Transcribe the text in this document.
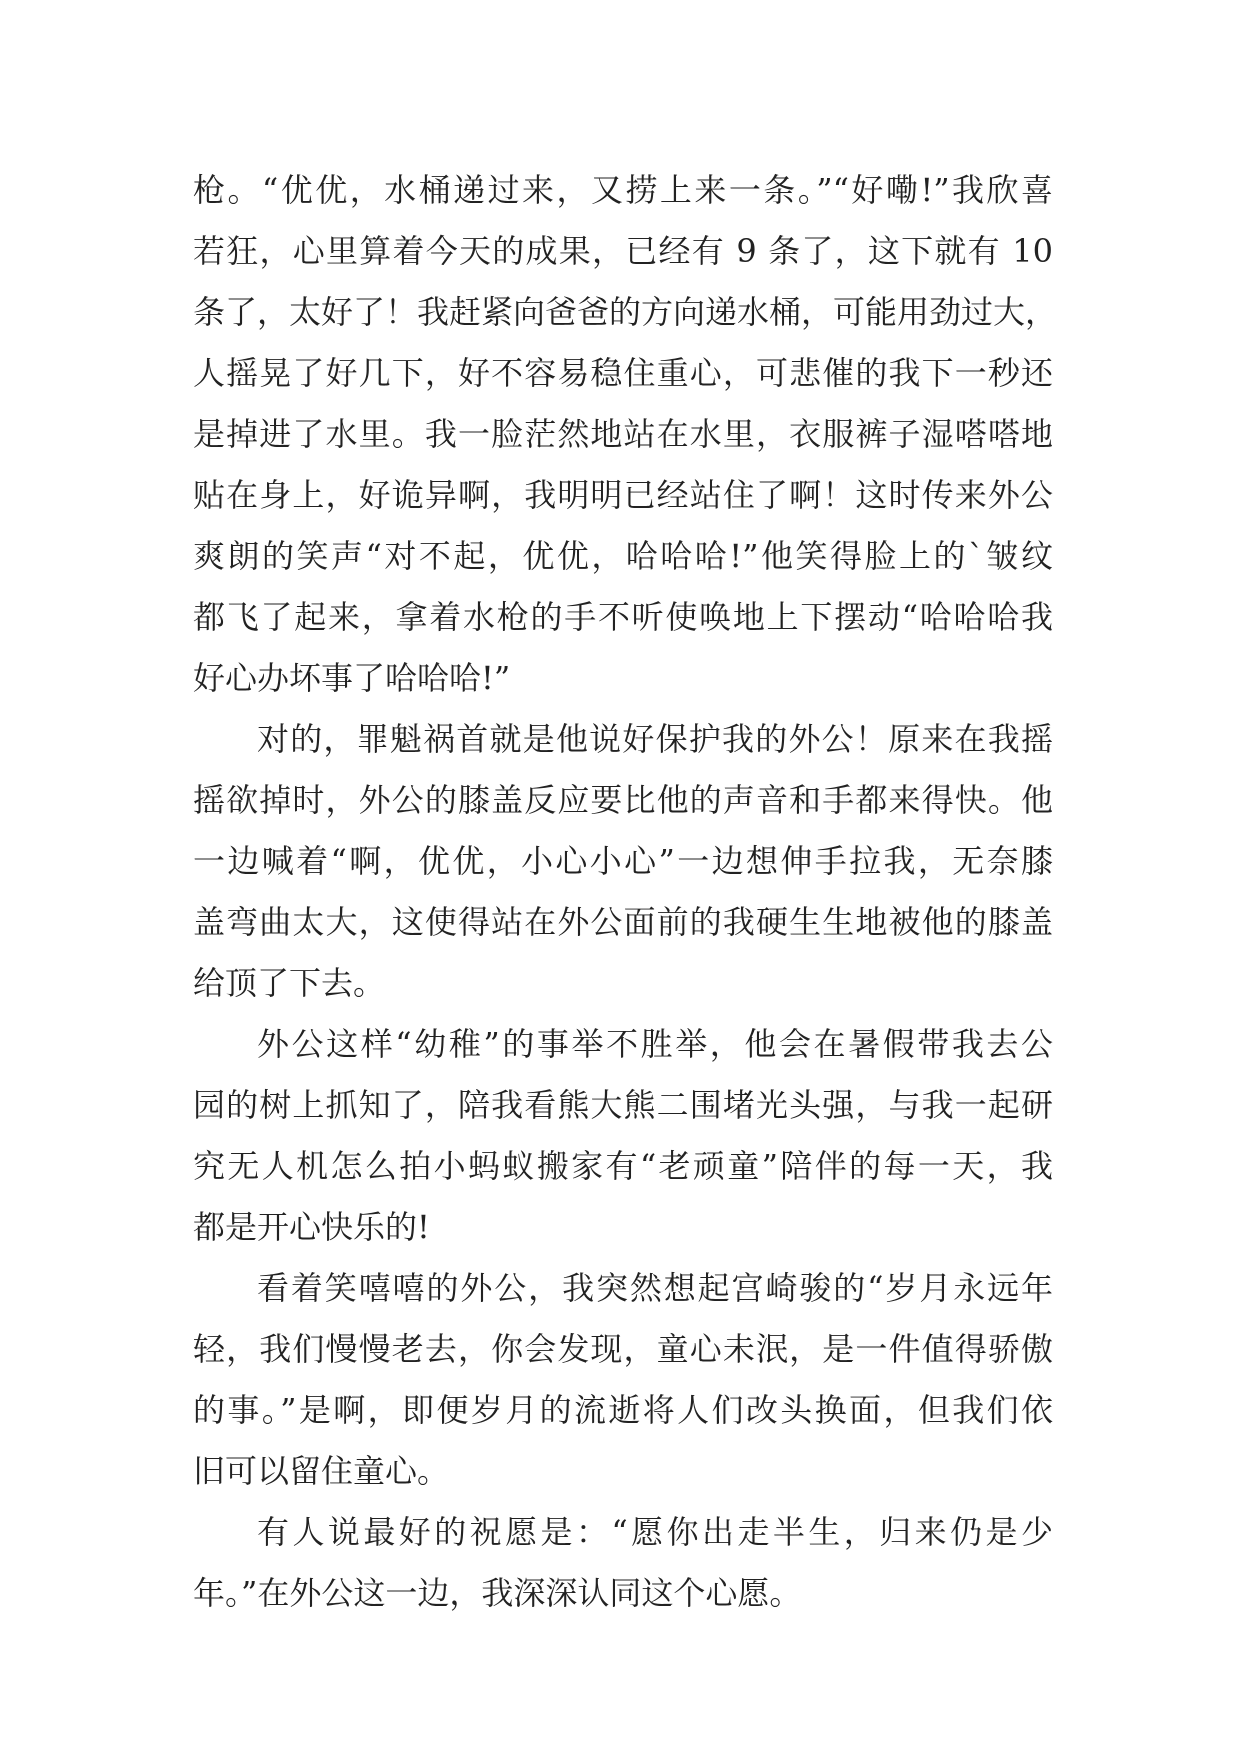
枪。“优优，水桶递过来，又捞上来一条。”“好嘞!”我欣喜
若狂，心里算着今天的成果，已经有 9 条了，这下就有 10
条了，太好了！我赶紧向爸爸的方向递水桶，可能用劲过大，
人摇晃了好几下，好不容易稳住重心，可悲催的我下一秒还
是掉进了水里。我一脸茫然地站在水里，衣服裤子湿嗒嗒地
贴在身上，好诡异啊，我明明已经站住了啊！这时传来外公
爽朗的笑声“对不起，优优，哈哈哈!”他笑得脸上的`皱纹
都飞了起来，拿着水枪的手不听使唤地上下摆动“哈哈哈我
好心办坏事了哈哈哈!”
对的，罪魁祸首就是他说好保护我的外公！原来在我摇
摇欲掉时，外公的膝盖反应要比他的声音和手都来得快。他
一边喊着“啊，优优，小心小心”一边想伸手拉我，无奈膝
盖弯曲太大，这使得站在外公面前的我硬生生地被他的膝盖
给顶了下去。
外公这样“幼稚”的事举不胜举，他会在暑假带我去公
园的树上抓知了，陪我看熊大熊二围堵光头强，与我一起研
究无人机怎么拍小蚂蚁搬家有“老顽童”陪伴的每一天，我
都是开心快乐的!
看着笑嘻嘻的外公，我突然想起宫崎骏的“岁月永远年
轻，我们慢慢老去，你会发现，童心未泯，是一件值得骄傲
的事。”是啊，即便岁月的流逝将人们改头换面，但我们依
旧可以留住童心。
有人说最好的祝愿是：“愿你出走半生，归来仍是少
年。”在外公这一边，我深深认同这个心愿。
